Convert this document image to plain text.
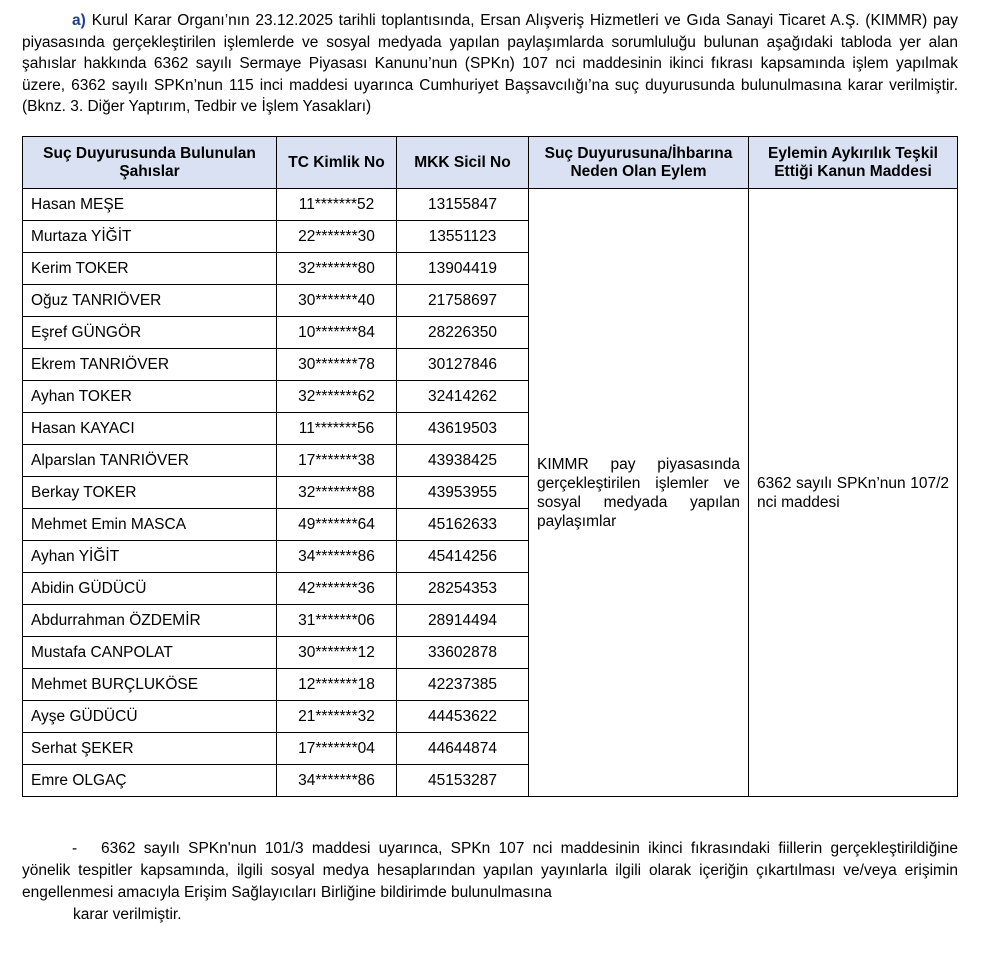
a) Kurul Karar Organı’nın 23.12.2025 tarihli toplantısında, Ersan Alışveriş Hizmetleri ve Gıda Sanayi Ticaret A.Ş. (KIMMR) pay piyasasında gerçekleştirilen işlemlerde ve sosyal medyada yapılan paylaşımlarda sorumluluğu bulunan aşağıdaki tabloda yer alan şahıslar hakkında 6362 sayılı Sermaye Piyasası Kanunu’nun (SPKn) 107 nci maddesinin ikinci fıkrası kapsamında işlem yapılmak üzere, 6362 sayılı SPKn’nun 115 inci maddesi uyarınca Cumhuriyet Başsavcılığı’na suç duyurusunda bulunulmasına karar verilmiştir. (Bknz. 3. Diğer Yaptırım, Tedbir ve İşlem Yasakları)

Suç Duyurusunda Bulunulan Şahıslar	TC Kimlik No	MKK Sicil No	Suç Duyurusuna/İhbarına Neden Olan Eylem	Eylemin Aykırılık Teşkil Ettiği Kanun Maddesi
Hasan MEŞE	11*******52	13155847	KIMMR pay piyasasında gerçekleştirilen işlemler ve sosyal medyada yapılan paylaşımlar	6362 sayılı SPKn’nun 107/2 nci maddesi
Murtaza YİĞİT	22*******30	13551123		
Kerim TOKER	32*******80	13904419		
Oğuz TANRIÖVER	30*******40	21758697		
Eşref GÜNGÖR	10*******84	28226350		
Ekrem TANRIÖVER	30*******78	30127846		
Ayhan TOKER	32*******62	32414262		
Hasan KAYACI	11*******56	43619503		
Alparslan TANRIÖVER	17*******38	43938425		
Berkay TOKER	32*******88	43953955		
Mehmet Emin MASCA	49*******64	45162633		
Ayhan YİĞİT	34*******86	45414256		
Abidin GÜDÜCÜ	42*******36	28254353		
Abdurrahman ÖZDEMİR	31*******06	28914494		
Mustafa CANPOLAT	30*******12	33602878		
Mehmet BURÇLUKÖSE	12*******18	42237385		
Ayşe GÜDÜCÜ	21*******32	44453622		
Serhat ŞEKER	17*******04	44644874		
Emre OLGAÇ	34*******86	45153287		

- 6362 sayılı SPKn'nun 101/3 maddesi uyarınca, SPKn 107 nci maddesinin ikinci fıkrasındaki fiillerin gerçekleştirildiğine yönelik tespitler kapsamında, ilgili sosyal medya hesaplarından yapılan yayınlarla ilgili olarak içeriğin çıkartılması ve/veya erişimin engellenmesi amacıyla Erişim Sağlayıcıları Birliğine bildirimde bulunulmasına

karar verilmiştir.
